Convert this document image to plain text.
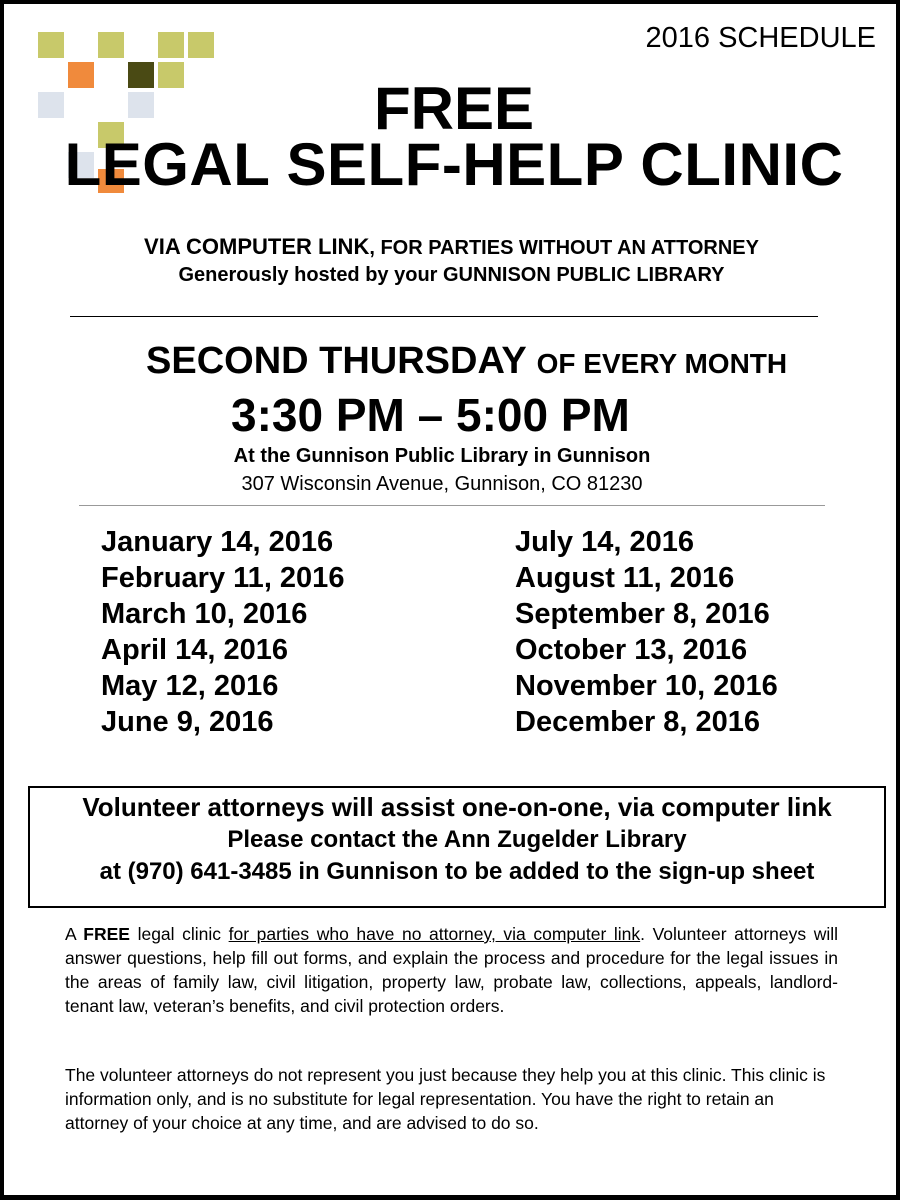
2016 SCHEDULE
FREE
LEGAL SELF-HELP CLINIC
VIA COMPUTER LINK, FOR PARTIES WITHOUT AN ATTORNEY
Generously hosted by your GUNNISON PUBLIC LIBRARY
SECOND THURSDAY OF EVERY MONTH
3:30 PM – 5:00 PM
At the Gunnison Public Library in Gunnison
307 Wisconsin Avenue, Gunnison, CO 81230
January 14, 2016
February 11, 2016
March 10, 2016
April 14, 2016
May 12, 2016
June 9, 2016
July 14, 2016
August 11, 2016
September 8, 2016
October 13, 2016
November 10, 2016
December 8, 2016
Volunteer attorneys will assist one-on-one, via computer link
Please contact the Ann Zugelder Library
at (970) 641-3485 in Gunnison to be added to the sign-up sheet

A FREE legal clinic for parties who have no attorney, via computer link. Volunteer attorneys will answer questions, help fill out forms, and explain the process and procedure for the legal issues in the areas of family law, civil litigation, property law, probate law, collections, appeals, landlord-tenant law, veteran’s benefits, and civil protection orders.

The volunteer attorneys do not represent you just because they help you at this clinic. This clinic is information only, and is no substitute for legal representation. You have the right to retain an attorney of your choice at any time, and are advised to do so.
